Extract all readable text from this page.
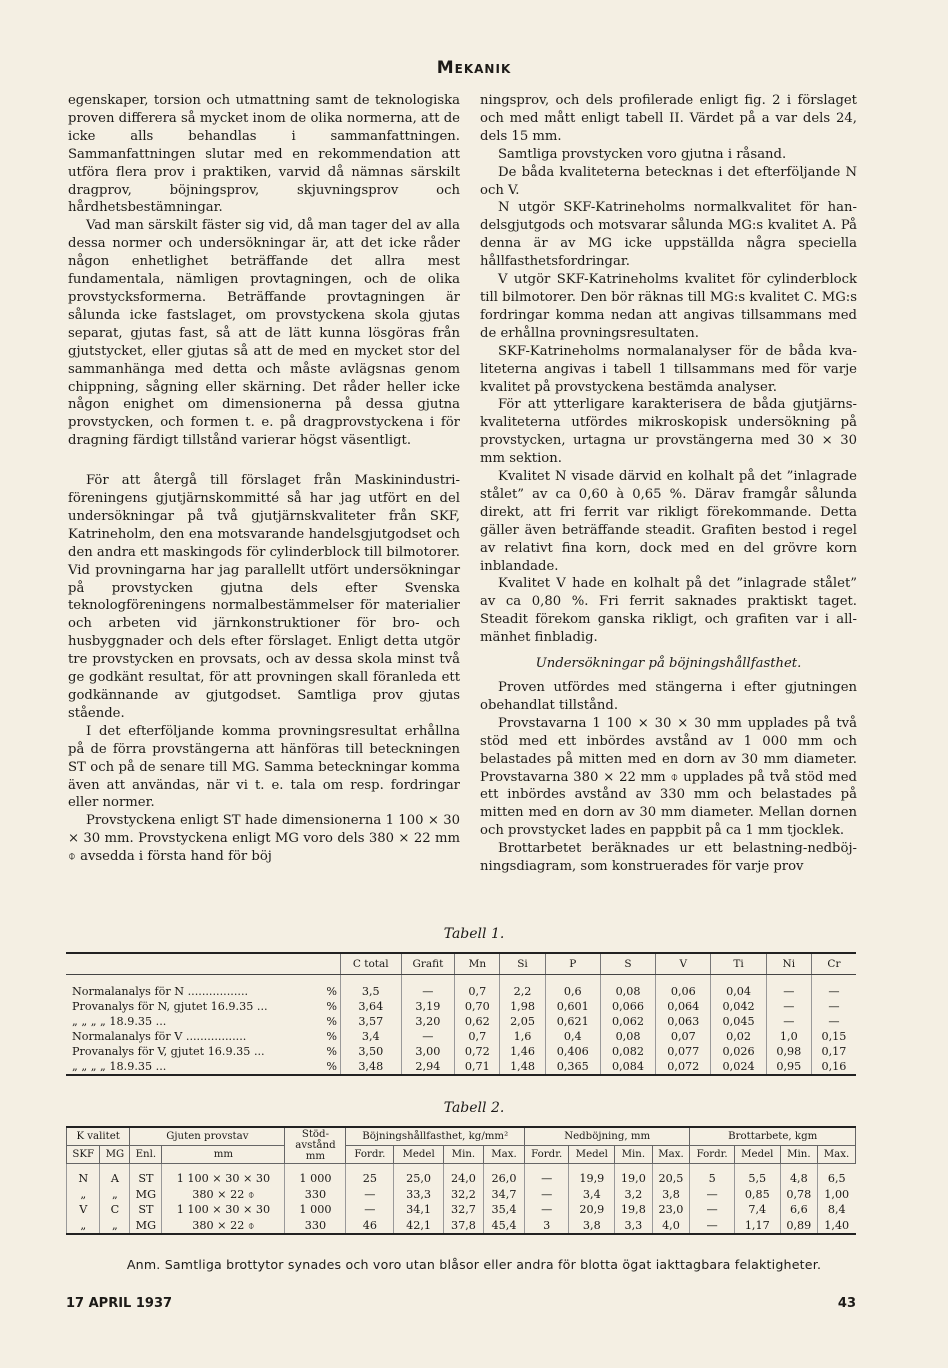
Mekanik

egenskaper, torsion och utmattning samt de teknologiska proven differera så mycket inom de olika normerna, att de icke alls behandlas i sammanfattningen. Sammanfattningen slutar med en rekommendation att utföra flera prov i praktiken, varvid då nämnas särskilt dragprov, böjningsprov, skjuvningsprov och hårdhetsbestämningar.

Vad man särskilt fäster sig vid, då man tager del av alla dessa normer och undersökningar är, att det icke råder någon enhetlighet beträffande det allra mest fundamentala, nämligen provtagningen, och de olika provstycksformerna. Beträffande provtagningen är sålunda icke fastslaget, om provstyckena skola gjutas separat, gjutas fast, så att de lätt kunna lösgöras från gjutstycket, eller gjutas så att de med en mycket stor del sammanhänga med detta och måste avlägsnas genom chippning, sågning eller skärning. Det råder heller icke någon enighet om dimensionerna på dessa gjutna provstycken, och formen t. e. på dragprovstyckena i för dragning färdigt tillstånd varierar högst väsentligt.

För att återgå till förslaget från Maskinindustriföreningens gjutjärnskommitté så har jag utfört en del undersökningar på två gjutjärnskvaliteter från SKF, Katrineholm, den ena motsvarande handelsgjutgodset och den andra ett maskingods för cylinderblock till bilmotorer. Vid provningarna har jag parallellt utfört undersökningar på provstycken gjutna dels efter Svenska teknologföreningens normalbestämmelser för materialier och arbeten vid järnkonstruktioner för bro- och husbyggnader och dels efter förslaget. Enligt detta utgör tre provstycken en provsats, och av dessa skola minst två ge godkänt resultat, för att provningen skall föranleda ett godkännande av gjutgodset. Samtliga prov gjutas stående.

I det efterföljande komma provningsresultat erhållna på de förra provstängerna att hänföras till beteckningen ST och på de senare till MG. Samma beteckningar komma även att användas, när vi t. e. tala om resp. fordringar eller normer.

Provstyckena enligt ST hade dimensionerna 1 100 × 30 × 30 mm. Provstyckena enligt MG voro dels 380 × 22 mm ⌽ avsedda i första hand för böj

ningsprov, och dels profilerade enligt fig. 2 i förslaget och med mått enligt tabell II. Värdet på a var dels 24, dels 15 mm.

Samtliga provstycken voro gjutna i råsand.

De båda kvaliteterna betecknas i det efterföljande N och V.

N utgör SKF-Katrineholms normalkvalitet för handelsgjutgods och motsvarar sålunda MG:s kvalitet A. På denna är av MG icke uppställda några speciella hållfasthetsfordringar.

V utgör SKF-Katrineholms kvalitet för cylinderblock till bilmotorer. Den bör räknas till MG:s kvalitet C. MG:s fordringar komma nedan att angivas tillsammans med de erhållna provningsresultaten.

SKF-Katrineholms normalanalyser för de båda kvaliteterna angivas i tabell 1 tillsammans med för varje kvalitet på provstyckena bestämda analyser.

För att ytterligare karakterisera de båda gjutjärnskvaliteterna utfördes mikroskopisk undersökning på provstycken, urtagna ur provstängerna med 30 × 30 mm sektion.

Kvalitet N visade därvid en kolhalt på det ”inlagrade stålet” av ca 0,60 à 0,65 %. Därav framgår sålunda direkt, att fri ferrit var rikligt förekommande. Detta gäller även beträffande steadit. Grafiten bestod i regel av relativt fina korn, dock med en del grövre korn inblandade.

Kvalitet V hade en kolhalt på det ”inlagrade stålet” av ca 0,80 %. Fri ferrit saknades praktiskt taget. Steadit förekom ganska rikligt, och grafiten var i allmänhet finbladig.

Undersökningar på böjningshållfasthet.

Proven utfördes med stängerna i efter gjutningen obehandlat tillstånd.

Provstavarna 1 100 × 30 × 30 mm upplades på två stöd med ett inbördes avstånd av 1 000 mm och belastades på mitten med en dorn av 30 mm diameter. Provstavarna 380 × 22 mm ⌽ upplades på två stöd med ett inbördes avstånd av 330 mm och belastades på mitten med en dorn av 30 mm diameter. Mellan dornen och provstycket lades en pappbit på ca 1 mm tjocklek.

Brottarbetet beräknades ur ett belastning-nedböjningsdiagram, som konstruerades för varje prov

Tabell 1.
		C total	Grafit	Mn	Si	P	S	V	Ti	Ni	Cr
Normalanalys för N .................	%	3,5	—	0,7	2,2	0,6	0,08	0,06	0,04	—	—
Provanalys för N, gjutet 16.9.35 ...	%	3,64	3,19	0,70	1,98	0,601	0,066	0,064	0,042	—	—
„ „ „ „ 18.9.35 ...	%	3,57	3,20	0,62	2,05	0,621	0,062	0,063	0,045	—	—
Normalanalys för V .................	%	3,4	—	0,7	1,6	0,4	0,08	0,07	0,02	1,0	0,15
Provanalys för V, gjutet 16.9.35 ...	%	3,50	3,00	0,72	1,46	0,406	0,082	0,077	0,026	0,98	0,17
„ „ „ „ 18.9.35 ...	%	3,48	2,94	0,71	1,48	0,365	0,084	0,072	0,024	0,95	0,16
Tabell 2.
K valitet		Gjuten provstav		Stöd-avstånd mm	Böjningshållfasthet, kg/mm²				Nedböjning, mm				Brottarbete, kgm			
SKF	MG	Enl.	mm		Fordr.	Medel	Min.	Max.	Fordr.	Medel	Min.	Max.	Fordr.	Medel	Min.	Max.
N	A	ST	1 100 × 30 × 30	1 000	25	25,0	24,0	26,0	—	19,9	19,0	20,5	5	5,5	4,8	6,5
„	„	MG	380 × 22 ⌽	330	—	33,3	32,2	34,7	—	3,4	3,2	3,8	—	0,85	0,78	1,00
V	C	ST	1 100 × 30 × 30	1 000	—	34,1	32,7	35,4	—	20,9	19,8	23,0	—	7,4	6,6	8,4
„	„	MG	380 × 22 ⌽	330	46	42,1	37,8	45,4	3	3,8	3,3	4,0	—	1,17	0,89	1,40
Anm. Samtliga brottytor synades och voro utan blåsor eller andra för blotta ögat iakttagbara felaktigheter.
17 APRIL 1937	43
